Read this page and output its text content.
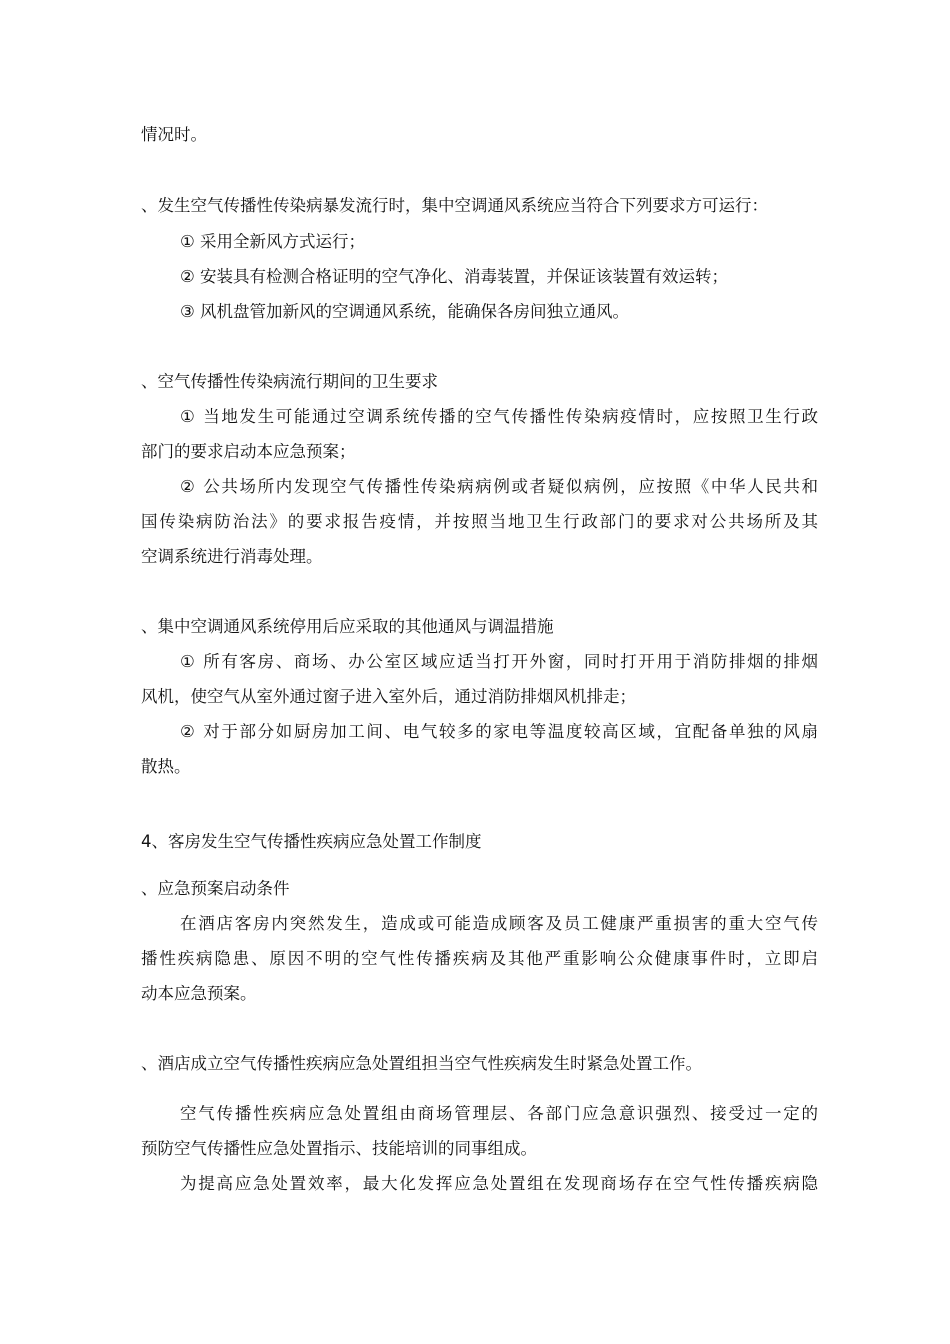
情况时。
、发生空气传播性传染病暴发流行时，集中空调通风系统应当符合下列要求方可运行：
① 采用全新风方式运行；
② 安装具有检测合格证明的空气净化、消毒装置，并保证该装置有效运转；
③ 风机盘管加新风的空调通风系统，能确保各房间独立通风。
、空气传播性传染病流行期间的卫生要求
① 当地发生可能通过空调系统传播的空气传播性传染病疫情时，应按照卫生行政
部门的要求启动本应急预案；
② 公共场所内发现空气传播性传染病病例或者疑似病例，应按照《中华人民共和
国传染病防治法》的要求报告疫情，并按照当地卫生行政部门的要求对公共场所及其
空调系统进行消毒处理。
、集中空调通风系统停用后应采取的其他通风与调温措施
① 所有客房、商场、办公室区域应适当打开外窗，同时打开用于消防排烟的排烟
风机，使空气从室外通过窗子进入室外后，通过消防排烟风机排走；
② 对于部分如厨房加工间、电气较多的家电等温度较高区域，宜配备单独的风扇
散热。
4、客房发生空气传播性疾病应急处置工作制度
、应急预案启动条件
在酒店客房内突然发生，造成或可能造成顾客及员工健康严重损害的重大空气传
播性疾病隐患、原因不明的空气性传播疾病及其他严重影响公众健康事件时，立即启
动本应急预案。
、酒店成立空气传播性疾病应急处置组担当空气性疾病发生时紧急处置工作。
空气传播性疾病应急处置组由商场管理层、各部门应急意识强烈、接受过一定的
预防空气传播性应急处置指示、技能培训的同事组成。
为提高应急处置效率，最大化发挥应急处置组在发现商场存在空气性传播疾病隐
